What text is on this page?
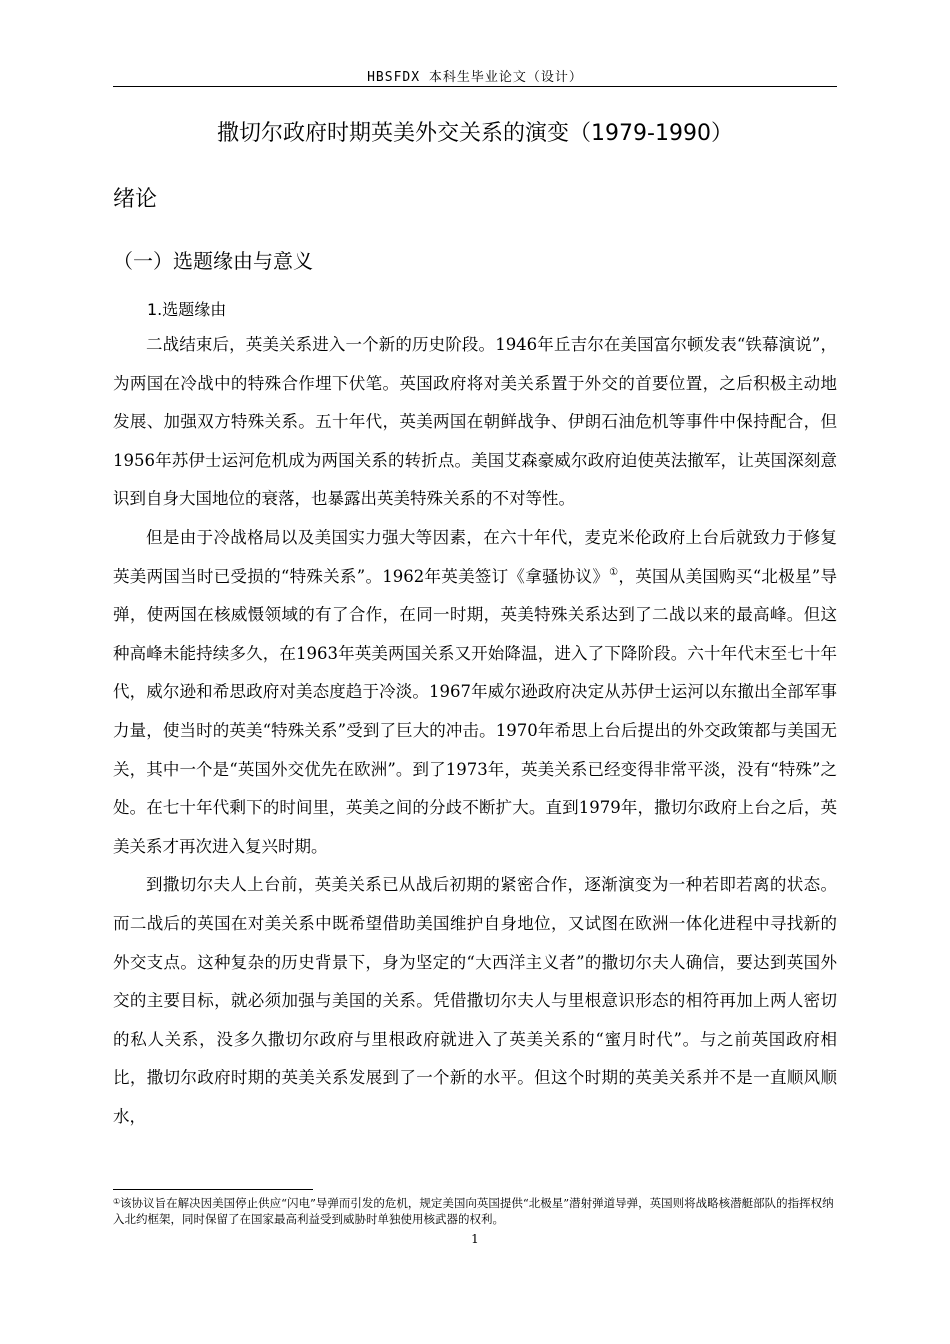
HBSFDX 本科生毕业论文（设计）
撒切尔政府时期英美外交关系的演变（1979-1990）
绪论
（一）选题缘由与意义
1.选题缘由

二战结束后，英美关系进入一个新的历史阶段。1946年丘吉尔在美国富尔顿发表“铁幕演说”，为两国在冷战中的特殊合作埋下伏笔。英国政府将对美关系置于外交的首要位置，之后积极主动地发展、加强双方特殊关系。五十年代，英美两国在朝鲜战争、伊朗石油危机等事件中保持配合，但1956年苏伊士运河危机成为两国关系的转折点。美国艾森豪威尔政府迫使英法撤军，让英国深刻意识到自身大国地位的衰落，也暴露出英美特殊关系的不对等性。

但是由于冷战格局以及美国实力强大等因素，在六十年代，麦克米伦政府上台后就致力于修复英美两国当时已受损的“特殊关系”。1962年英美签订《拿骚协议》①，英国从美国购买“北极星”导弹，使两国在核威慑领域的有了合作，在同一时期，英美特殊关系达到了二战以来的最高峰。但这种高峰未能持续多久，在1963年英美两国关系又开始降温，进入了下降阶段。六十年代末至七十年代，威尔逊和希思政府对美态度趋于冷淡。1967年威尔逊政府决定从苏伊士运河以东撤出全部军事力量，使当时的英美“特殊关系”受到了巨大的冲击。1970年希思上台后提出的外交政策都与美国无关，其中一个是“英国外交优先在欧洲”。到了1973年，英美关系已经变得非常平淡，没有“特殊”之处。在七十年代剩下的时间里，英美之间的分歧不断扩大。直到1979年，撒切尔政府上台之后，英美关系才再次进入复兴时期。

到撒切尔夫人上台前，英美关系已从战后初期的紧密合作，逐渐演变为一种若即若离的状态。而二战后的英国在对美关系中既希望借助美国维护自身地位，又试图在欧洲一体化进程中寻找新的外交支点。这种复杂的历史背景下，身为坚定的“大西洋主义者”的撒切尔夫人确信，要达到英国外交的主要目标，就必须加强与美国的关系。凭借撒切尔夫人与里根意识形态的相符再加上两人密切的私人关系，没多久撒切尔政府与里根政府就进入了英美关系的“蜜月时代”。与之前英国政府相比，撒切尔政府时期的英美关系发展到了一个新的水平。但这个时期的英美关系并不是一直顺风顺水，

①该协议旨在解决因美国停止供应“闪电”导弹而引发的危机，规定美国向英国提供“北极星”潜射弹道导弹，英国则将战略核潜艇部队的指挥权纳入北约框架，同时保留了在国家最高利益受到威胁时单独使用核武器的权利。
1
